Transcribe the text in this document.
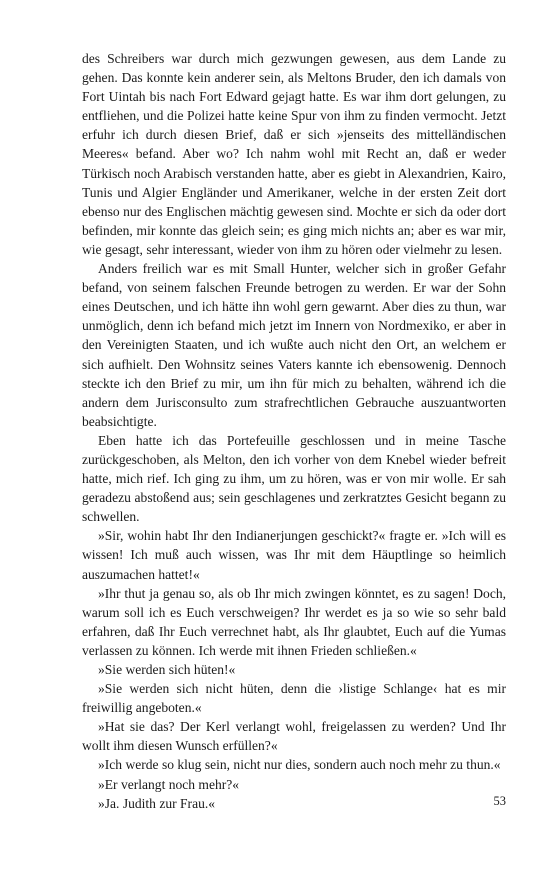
des Schreibers war durch mich gezwungen gewesen, aus dem Lande zu gehen. Das konnte kein anderer sein, als Meltons Bruder, den ich damals von Fort Uintah bis nach Fort Edward gejagt hatte. Es war ihm dort gelungen, zu entfliehen, und die Polizei hatte keine Spur von ihm zu finden vermocht. Jetzt erfuhr ich durch diesen Brief, daß er sich »jenseits des mittelländischen Meeres« befand. Aber wo? Ich nahm wohl mit Recht an, daß er weder Türkisch noch Arabisch verstanden hatte, aber es giebt in Alexandrien, Kairo, Tunis und Algier Engländer und Amerikaner, welche in der ersten Zeit dort ebenso nur des Englischen mächtig gewesen sind. Mochte er sich da oder dort befinden, mir konnte das gleich sein; es ging mich nichts an; aber es war mir, wie gesagt, sehr interessant, wieder von ihm zu hören oder vielmehr zu lesen.

Anders freilich war es mit Small Hunter, welcher sich in großer Gefahr befand, von seinem falschen Freunde betrogen zu werden. Er war der Sohn eines Deutschen, und ich hätte ihn wohl gern gewarnt. Aber dies zu thun, war unmöglich, denn ich befand mich jetzt im Innern von Nordmexiko, er aber in den Vereinigten Staaten, und ich wußte auch nicht den Ort, an welchem er sich aufhielt. Den Wohnsitz seines Vaters kannte ich ebensowenig. Dennoch steckte ich den Brief zu mir, um ihn für mich zu behalten, während ich die andern dem Jurisconsulto zum strafrechtlichen Gebrauche auszuantworten beabsichtigte.

Eben hatte ich das Portefeuille geschlossen und in meine Tasche zurückgeschoben, als Melton, den ich vorher von dem Knebel wieder befreit hatte, mich rief. Ich ging zu ihm, um zu hören, was er von mir wolle. Er sah geradezu abstoßend aus; sein geschlagenes und zerkratztes Gesicht begann zu schwellen.

»Sir, wohin habt Ihr den Indianerjungen geschickt?« fragte er. »Ich will es wissen! Ich muß auch wissen, was Ihr mit dem Häuptlinge so heimlich auszumachen hattet!«

»Ihr thut ja genau so, als ob Ihr mich zwingen könntet, es zu sagen! Doch, warum soll ich es Euch verschweigen? Ihr werdet es ja so wie so sehr bald erfahren, daß Ihr Euch verrechnet habt, als Ihr glaubtet, Euch auf die Yumas verlassen zu können. Ich werde mit ihnen Frieden schließen.«

»Sie werden sich hüten!«

»Sie werden sich nicht hüten, denn die ›listige Schlange‹ hat es mir freiwillig angeboten.«

»Hat sie das? Der Kerl verlangt wohl, freigelassen zu werden? Und Ihr wollt ihm diesen Wunsch erfüllen?«

»Ich werde so klug sein, nicht nur dies, sondern auch noch mehr zu thun.«

»Er verlangt noch mehr?«

»Ja. Judith zur Frau.«	53
